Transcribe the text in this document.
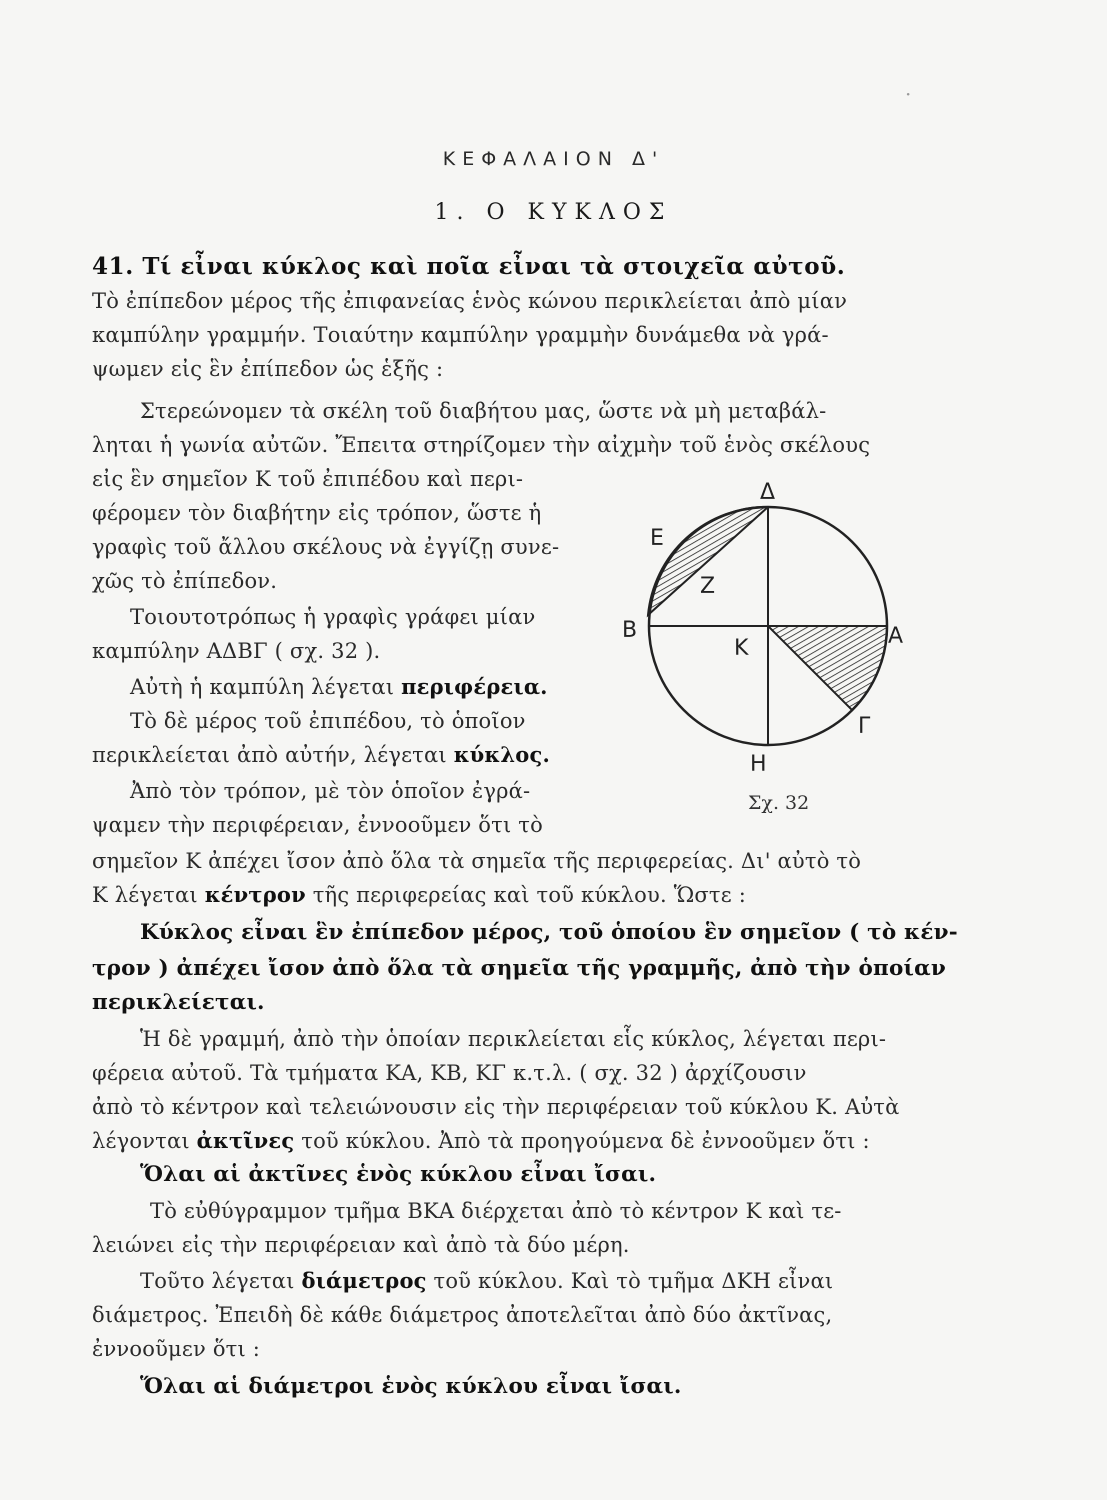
·
ΚΕΦΑΛΑΙΟΝ Δ'
1. Ο ΚΥΚΛΟΣ
41. Τί εἶναι κύκλος καὶ ποῖα εἶναι τὰ στοιχεῖα αὐτοῦ.
Τὸ ἐπίπεδον μέρος τῆς ἐπιφανείας ἑνὸς κώνου περικλείεται ἀπὸ μίαν
καμπύλην γραμμήν. Τοιαύτην καμπύλην γραμμὴν δυνάμεθα νὰ γρά-
ψωμεν εἰς ἓν ἐπίπεδον ὡς ἑξῆς :
Στερεώνομεν τὰ σκέλη τοῦ διαβήτου μας, ὥστε νὰ μὴ μεταβάλ-
ληται ἡ γωνία αὐτῶν. Ἔπειτα στηρίζομεν τὴν αἰχμὴν τοῦ ἑνὸς σκέλους
εἰς ἓν σημεῖον Κ τοῦ ἐπιπέδου καὶ περι-
φέρομεν τὸν διαβήτην εἰς τρόπον, ὥστε ἡ
γραφὶς τοῦ ἄλλου σκέλους νὰ ἐγγίζῃ συνε-
χῶς τὸ ἐπίπεδον.
Τοιουτοτρόπως ἡ γραφὶς γράφει μίαν
καμπύλην ΑΔΒΓ ( σχ. 32 ).
Αὐτὴ ἡ καμπύλη λέγεται περιφέρεια.
Τὸ δὲ μέρος τοῦ ἐπιπέδου, τὸ ὁποῖον
περικλείεται ἀπὸ αὐτήν, λέγεται κύκλος.
Ἀπὸ τὸν τρόπον, μὲ τὸν ὁποῖον ἐγρά-
ψαμεν τὴν περιφέρειαν, ἐννοοῦμεν ὅτι τὸ
σημεῖον Κ ἀπέχει ἴσον ἀπὸ ὅλα τὰ σημεῖα τῆς περιφερείας. Δι' αὐτὸ τὸ
Κ λέγεται κέντρον τῆς περιφερείας καὶ τοῦ κύκλου. Ὥστε :
Κύκλος εἶναι ἓν ἐπίπεδον μέρος, τοῦ ὁποίου ἓν σημεῖον ( τὸ κέν-
τρον ) ἀπέχει ἴσον ἀπὸ ὅλα τὰ σημεῖα τῆς γραμμῆς, ἀπὸ τὴν ὁποίαν
περικλείεται.
Ἡ δὲ γραμμή, ἀπὸ τὴν ὁποίαν περικλείεται εἷς κύκλος, λέγεται περι-
φέρεια αὐτοῦ. Τὰ τμήματα ΚΑ, ΚΒ, ΚΓ κ.τ.λ. ( σχ. 32 ) ἀρχίζουσιν
ἀπὸ τὸ κέντρον καὶ τελειώνουσιν εἰς τὴν περιφέρειαν τοῦ κύκλου Κ. Αὐτὰ
λέγονται ἀκτῖνες τοῦ κύκλου. Ἀπὸ τὰ προηγούμενα δὲ ἐννοοῦμεν ὅτι :
Ὅλαι αἱ ἀκτῖνες ἑνὸς κύκλου εἶναι ἴσαι.
Τὸ εὐθύγραμμον τμῆμα ΒΚΑ διέρχεται ἀπὸ τὸ κέντρον Κ καὶ τε-
λειώνει εἰς τὴν περιφέρειαν καὶ ἀπὸ τὰ δύο μέρη.
Τοῦτο λέγεται διάμετρος τοῦ κύκλου. Καὶ τὸ τμῆμα ΔΚΗ εἶναι
διάμετρος. Ἐπειδὴ δὲ κάθε διάμετρος ἀποτελεῖται ἀπὸ δύο ἀκτῖνας,
ἐννοοῦμεν ὅτι :
Ὅλαι αἱ διάμετροι ἑνὸς κύκλου εἶναι ἴσαι.
Δ
Ε
Ζ
Β
Κ	Α
Γ
Η
Σχ. 32
